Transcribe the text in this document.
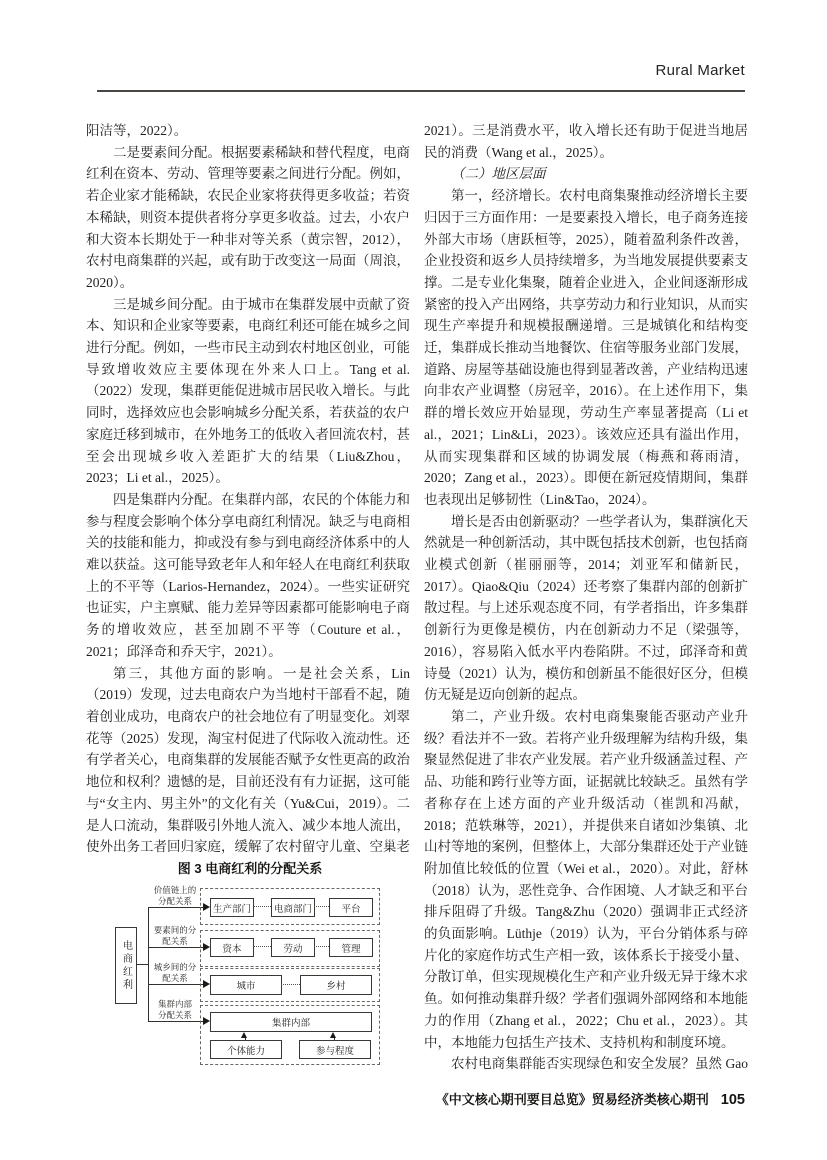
Rural Market

阳洁等，2022）。

二是要素间分配。根据要素稀缺和替代程度，电商红利在资本、劳动、管理等要素之间进行分配。例如，若企业家才能稀缺，农民企业家将获得更多收益；若资本稀缺，则资本提供者将分享更多收益。过去，小农户和大资本长期处于一种非对等关系（黄宗智，2012），农村电商集群的兴起，或有助于改变这一局面（周浪，2020）。

三是城乡间分配。由于城市在集群发展中贡献了资本、知识和企业家等要素，电商红利还可能在城乡之间进行分配。例如，一些市民主动到农村地区创业，可能导致增收效应主要体现在外来人口上。Tang et al.（2022）发现，集群更能促进城市居民收入增长。与此同时，选择效应也会影响城乡分配关系，若获益的农户家庭迁移到城市，在外地务工的低收入者回流农村，甚至会出现城乡收入差距扩大的结果（Liu&Zhou，2023；Li et al.，2025）。

四是集群内分配。在集群内部，农民的个体能力和参与程度会影响个体分享电商红利情况。缺乏与电商相关的技能和能力，抑或没有参与到电商经济体系中的人难以获益。这可能导致老年人和年轻人在电商红利获取上的不平等（Larios-Hernandez，2024）。一些实证研究也证实，户主禀赋、能力差异等因素都可能影响电子商务的增收效应，甚至加剧不平等（Couture et al.，2021；邱泽奇和乔天宇，2021）。

第三，其他方面的影响。一是社会关系，Lin（2019）发现，过去电商农户为当地村干部看不起，随着创业成功，电商农户的社会地位有了明显变化。刘翠花等（2025）发现，淘宝村促进了代际收入流动性。还有学者关心，电商集群的发展能否赋予女性更高的政治地位和权利？遗憾的是，目前还没有有力证据，这可能与“女主内、男主外”的文化有关（Yu&Cui，2019）。二是人口流动，集群吸引外地人流入、减少本地人流出，使外出务工者回归家庭，缓解了农村留守儿童、空巢老

图 3 电商红利的分配关系
电商红利
价值链上的
分配关系
生产部门	电商部门	平台
要素间的分
配关系
资本	劳动	管理
城乡间的分
配关系
城市	乡村
集群内部
分配关系
集群内部
个体能力	参与程度

2021）。三是消费水平，收入增长还有助于促进当地居民的消费（Wang et al.，2025）。

（二）地区层面

第一，经济增长。农村电商集聚推动经济增长主要归因于三方面作用：一是要素投入增长，电子商务连接外部大市场（唐跃桓等，2025），随着盈利条件改善，企业投资和返乡人员持续增多，为当地发展提供要素支撑。二是专业化集聚，随着企业进入，企业间逐渐形成紧密的投入产出网络，共享劳动力和行业知识，从而实现生产率提升和规模报酬递增。三是城镇化和结构变迁，集群成长推动当地餐饮、住宿等服务业部门发展，道路、房屋等基础设施也得到显著改善，产业结构迅速向非农产业调整（房冠辛，2016）。在上述作用下，集群的增长效应开始显现，劳动生产率显著提高（Li et al.，2021；Lin&Li，2023）。该效应还具有溢出作用，从而实现集群和区域的协调发展（梅燕和蒋雨清，2020；Zang et al.，2023）。即便在新冠疫情期间，集群也表现出足够韧性（Lin&Tao，2024）。

增长是否由创新驱动？一些学者认为，集群演化天然就是一种创新活动，其中既包括技术创新，也包括商业模式创新（崔丽丽等，2014；刘亚军和储新民，2017）。Qiao&Qiu（2024）还考察了集群内部的创新扩散过程。与上述乐观态度不同，有学者指出，许多集群创新行为更像是模仿，内在创新动力不足（梁强等，2016），容易陷入低水平内卷陷阱。不过，邱泽奇和黄诗曼（2021）认为，模仿和创新虽不能很好区分，但模仿无疑是迈向创新的起点。

第二，产业升级。农村电商集聚能否驱动产业升级？看法并不一致。若将产业升级理解为结构升级，集聚显然促进了非农产业发展。若产业升级涵盖过程、产品、功能和跨行业等方面，证据就比较缺乏。虽然有学者称存在上述方面的产业升级活动（崔凯和冯献，2018；范轶琳等，2021），并提供来自诸如沙集镇、北山村等地的案例，但整体上，大部分集群还处于产业链附加值比较低的位置（Wei et al.，2020）。对此，舒林（2018）认为，恶性竞争、合作困境、人才缺乏和平台排斥阻碍了升级。Tang&Zhu（2020）强调非正式经济的负面影响。Lüthje（2019）认为，平台分销体系与碎片化的家庭作坊式生产相一致，该体系长于接受小量、分散订单，但实现规模化生产和产业升级无异于缘木求鱼。如何推动集群升级？学者们强调外部网络和本地能力的作用（Zhang et al.，2022；Chu et al.，2023）。其中，本地能力包括生产技术、支持机构和制度环境。

农村电商集群能否实现绿色和安全发展？虽然 Gao

《中文核心期刊要目总览》贸易经济类核心期刊 105
